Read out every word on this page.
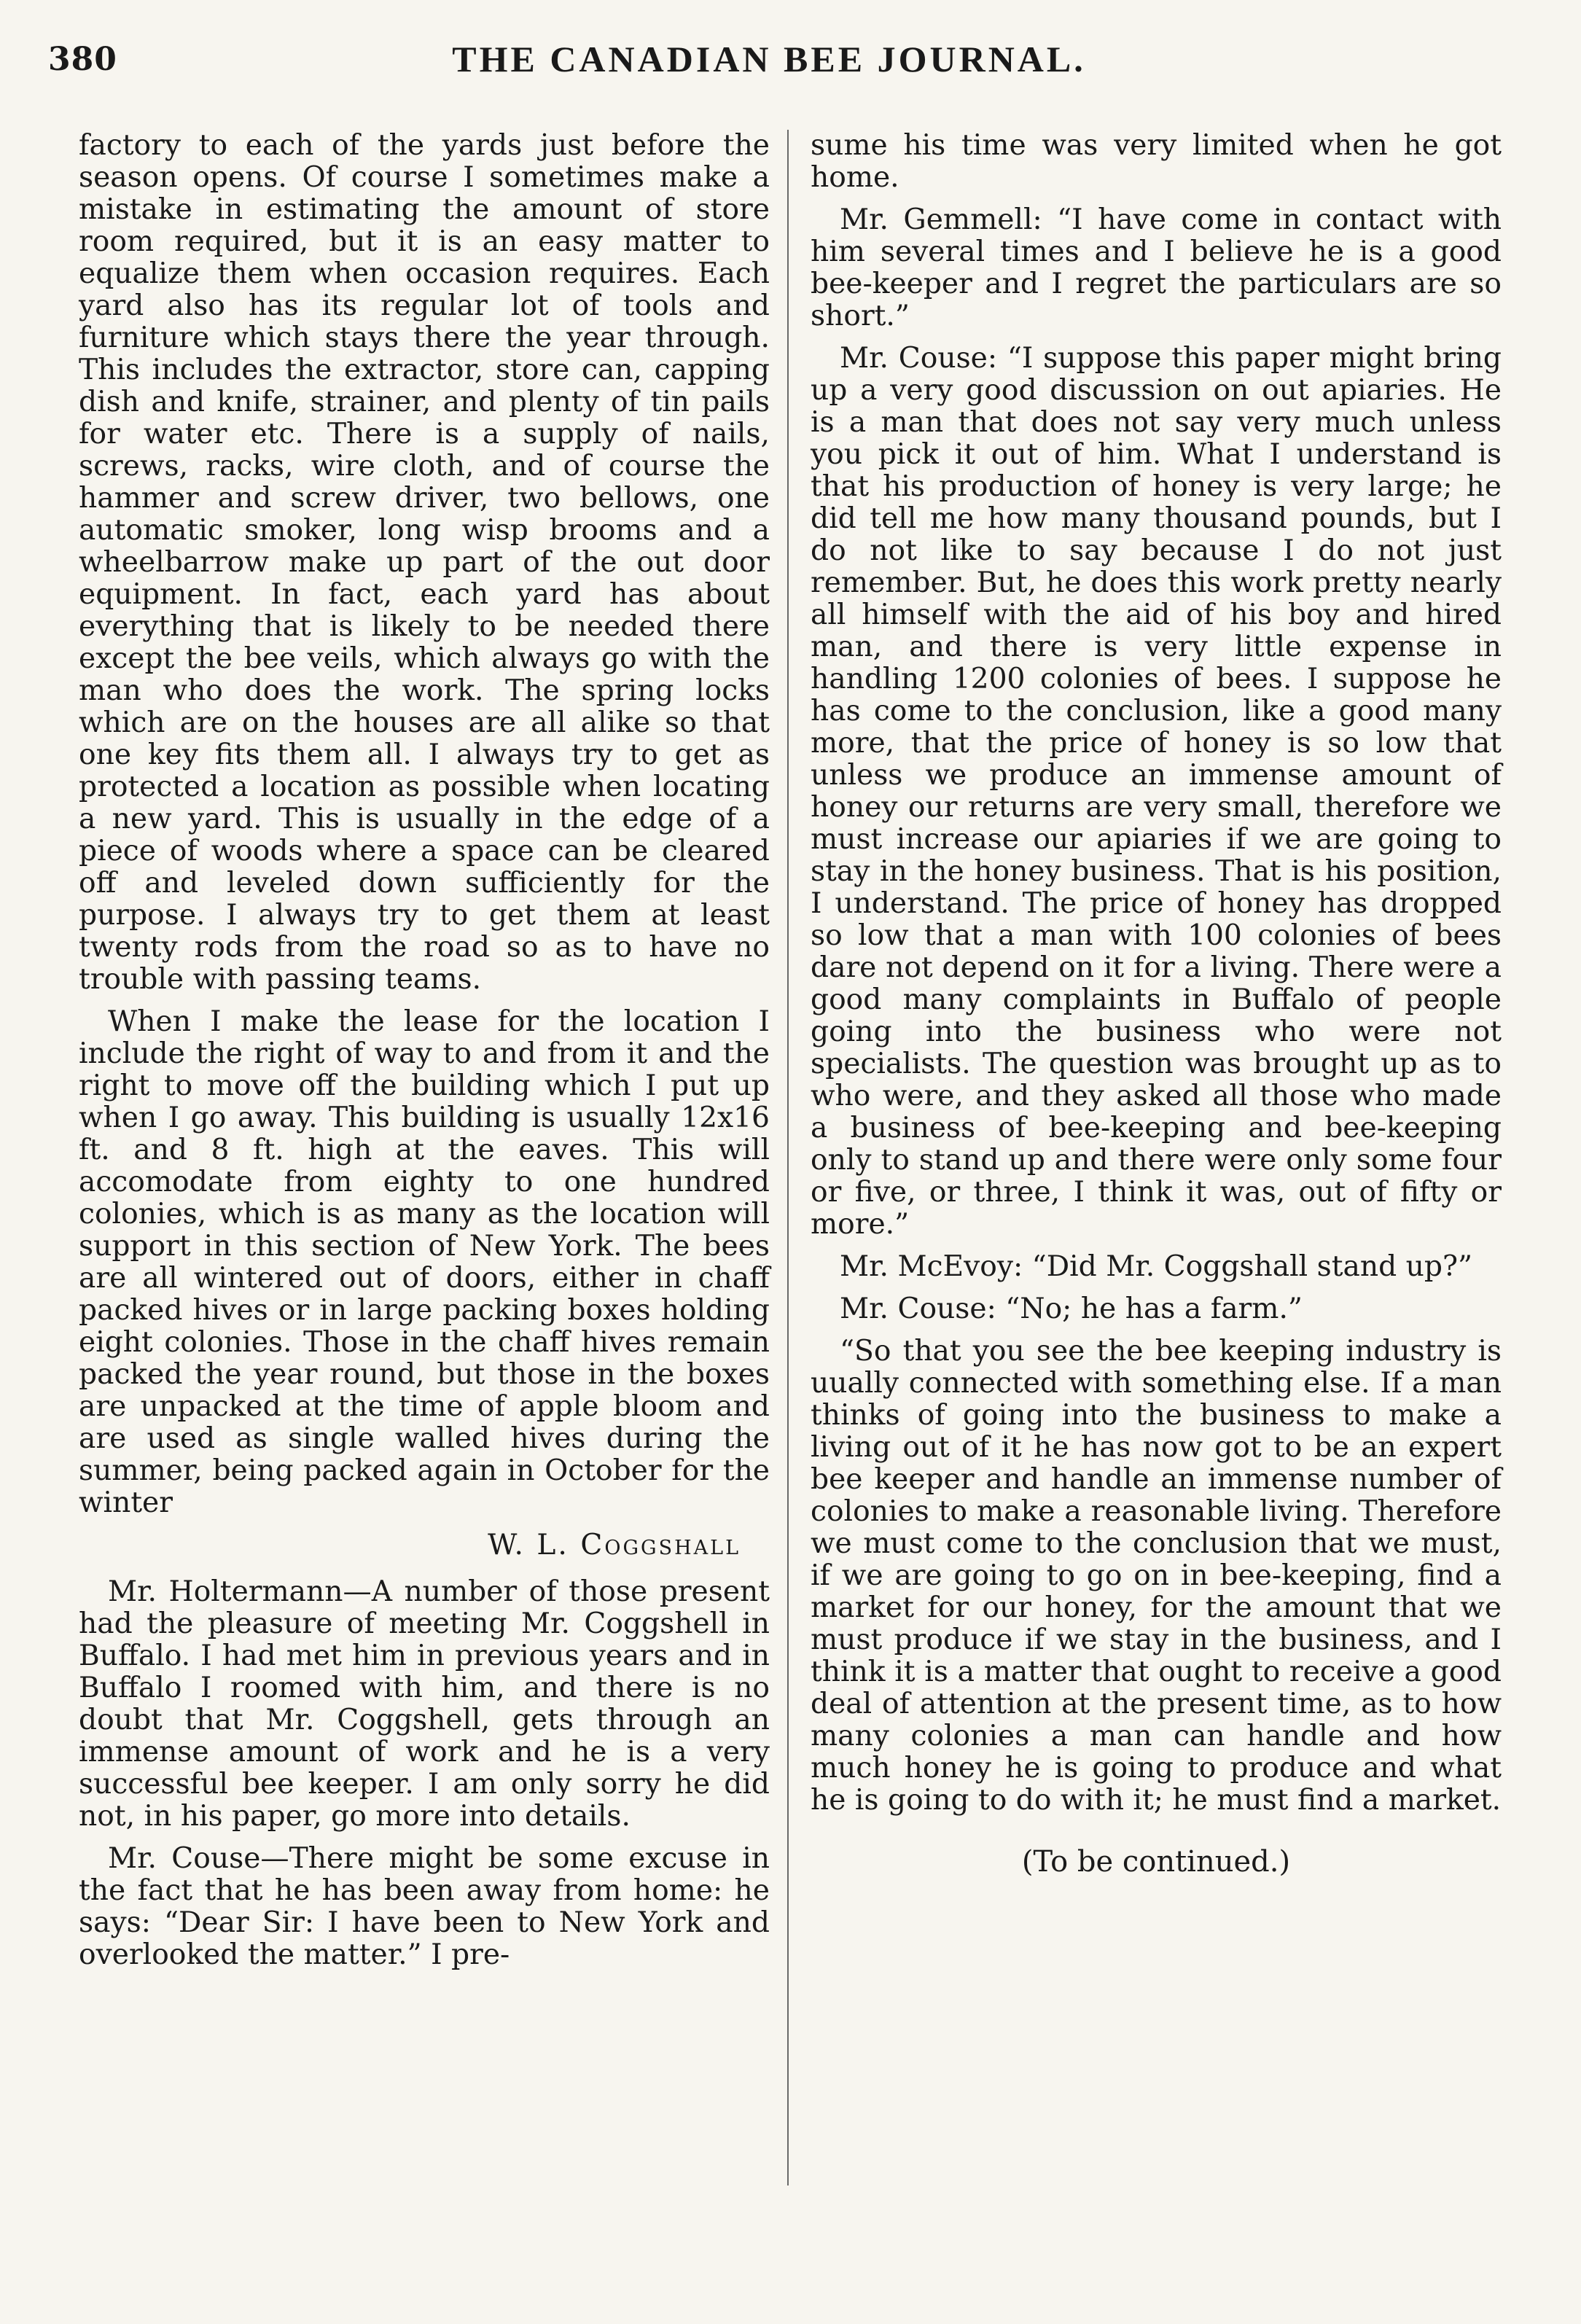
380	THE CANADIAN BEE JOURNAL.

factory to each of the yards just before the season opens. Of course I sometimes make a mistake in estimating the amount of store room required, but it is an easy matter to equalize them when occasion requires. Each yard also has its regular lot of tools and furniture which stays there the year through. This includes the extractor, store can, capping dish and knife, strainer, and plenty of tin pails for water etc. There is a supply of nails, screws, racks, wire cloth, and of course the hammer and screw driver, two bellows, one automatic smoker, long wisp brooms and a wheelbarrow make up part of the out door equipment. In fact, each yard has about everything that is likely to be needed there except the bee veils, which always go with the man who does the work. The spring locks which are on the houses are all alike so that one key fits them all. I always try to get as protected a location as possible when locating a new yard. This is usually in the edge of a piece of woods where a space can be cleared off and leveled down sufficiently for the purpose. I always try to get them at least twenty rods from the road so as to have no trouble with passing teams.

When I make the lease for the location I include the right of way to and from it and the right to move off the building which I put up when I go away. This building is usually 12x16 ft. and 8 ft. high at the eaves. This will accomodate from eighty to one hundred colonies, which is as many as the location will support in this section of New York. The bees are all wintered out of doors, either in chaff packed hives or in large packing boxes holding eight colonies. Those in the chaff hives remain packed the year round, but those in the boxes are unpacked at the time of apple bloom and are used as single walled hives during the summer, being packed again in October for the winter

W. L. Coggshall

Mr. Holtermann—A number of those present had the pleasure of meeting Mr. Coggshell in Buffalo. I had met him in previous years and in Buffalo I roomed with him, and there is no doubt that Mr. Coggshell, gets through an immense amount of work and he is a very successful bee keeper. I am only sorry he did not, in his paper, go more into details.

Mr. Couse—There might be some excuse in the fact that he has been away from home: he says: “Dear Sir: I have been to New York and overlooked the matter.” I pre-

sume his time was very limited when he got home.

Mr. Gemmell: “I have come in contact with him several times and I believe he is a good bee-keeper and I regret the particulars are so short.”

Mr. Couse: “I suppose this paper might bring up a very good discussion on out apiaries. He is a man that does not say very much unless you pick it out of him. What I understand is that his production of honey is very large; he did tell me how many thousand pounds, but I do not like to say because I do not just remember. But, he does this work pretty nearly all himself with the aid of his boy and hired man, and there is very little expense in handling 1200 colonies of bees. I suppose he has come to the conclusion, like a good many more, that the price of honey is so low that unless we produce an immense amount of honey our returns are very small, therefore we must increase our apiaries if we are going to stay in the honey business. That is his position, I understand. The price of honey has dropped so low that a man with 100 colonies of bees dare not depend on it for a living. There were a good many complaints in Buffalo of people going into the business who were not specialists. The question was brought up as to who were, and they asked all those who made a business of bee-keeping and bee-keeping only to stand up and there were only some four or five, or three, I think it was, out of fifty or more.”

Mr. McEvoy: “Did Mr. Coggshall stand up?”

Mr. Couse: “No; he has a farm.”

“So that you see the bee keeping industry is uually connected with something else. If a man thinks of going into the business to make a living out of it he has now got to be an expert bee keeper and handle an immense number of colonies to make a reasonable living. Therefore we must come to the conclusion that we must, if we are going to go on in bee-keeping, find a market for our honey, for the amount that we must produce if we stay in the business, and I think it is a matter that ought to receive a good deal of attention at the present time, as to how many colonies a man can handle and how much honey he is going to produce and what he is going to do with it; he must find a market.

(To be continued.)
